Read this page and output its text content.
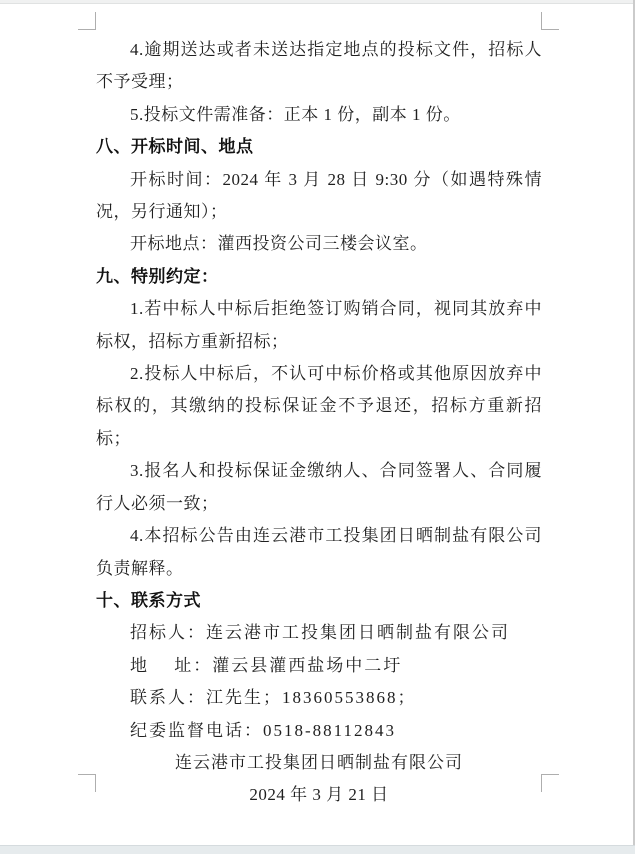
4.逾期送达或者未送达指定地点的投标文件，招标人不予受理；

5.投标文件需准备：正本 1 份，副本 1 份。

八、开标时间、地点

开标时间：2024 年 3 月 28 日 9:30 分（如遇特殊情况，另行通知）；

开标地点：灌西投资公司三楼会议室。

九、特别约定：

1.若中标人中标后拒绝签订购销合同，视同其放弃中标权，招标方重新招标；

2.投标人中标后，不认可中标价格或其他原因放弃中标权的，其缴纳的投标保证金不予退还，招标方重新招标；

3.报名人和投标保证金缴纳人、合同签署人、合同履行人必须一致；

4.本招标公告由连云港市工投集团日晒制盐有限公司负责解释。

十、联系方式

招标人：连云港市工投集团日晒制盐有限公司

地　 址：灌云县灌西盐场中二圩

联系人：江先生；18360553868；

纪委监督电话：0518-88112843

连云港市工投集团日晒制盐有限公司

2024 年 3 月 21 日
